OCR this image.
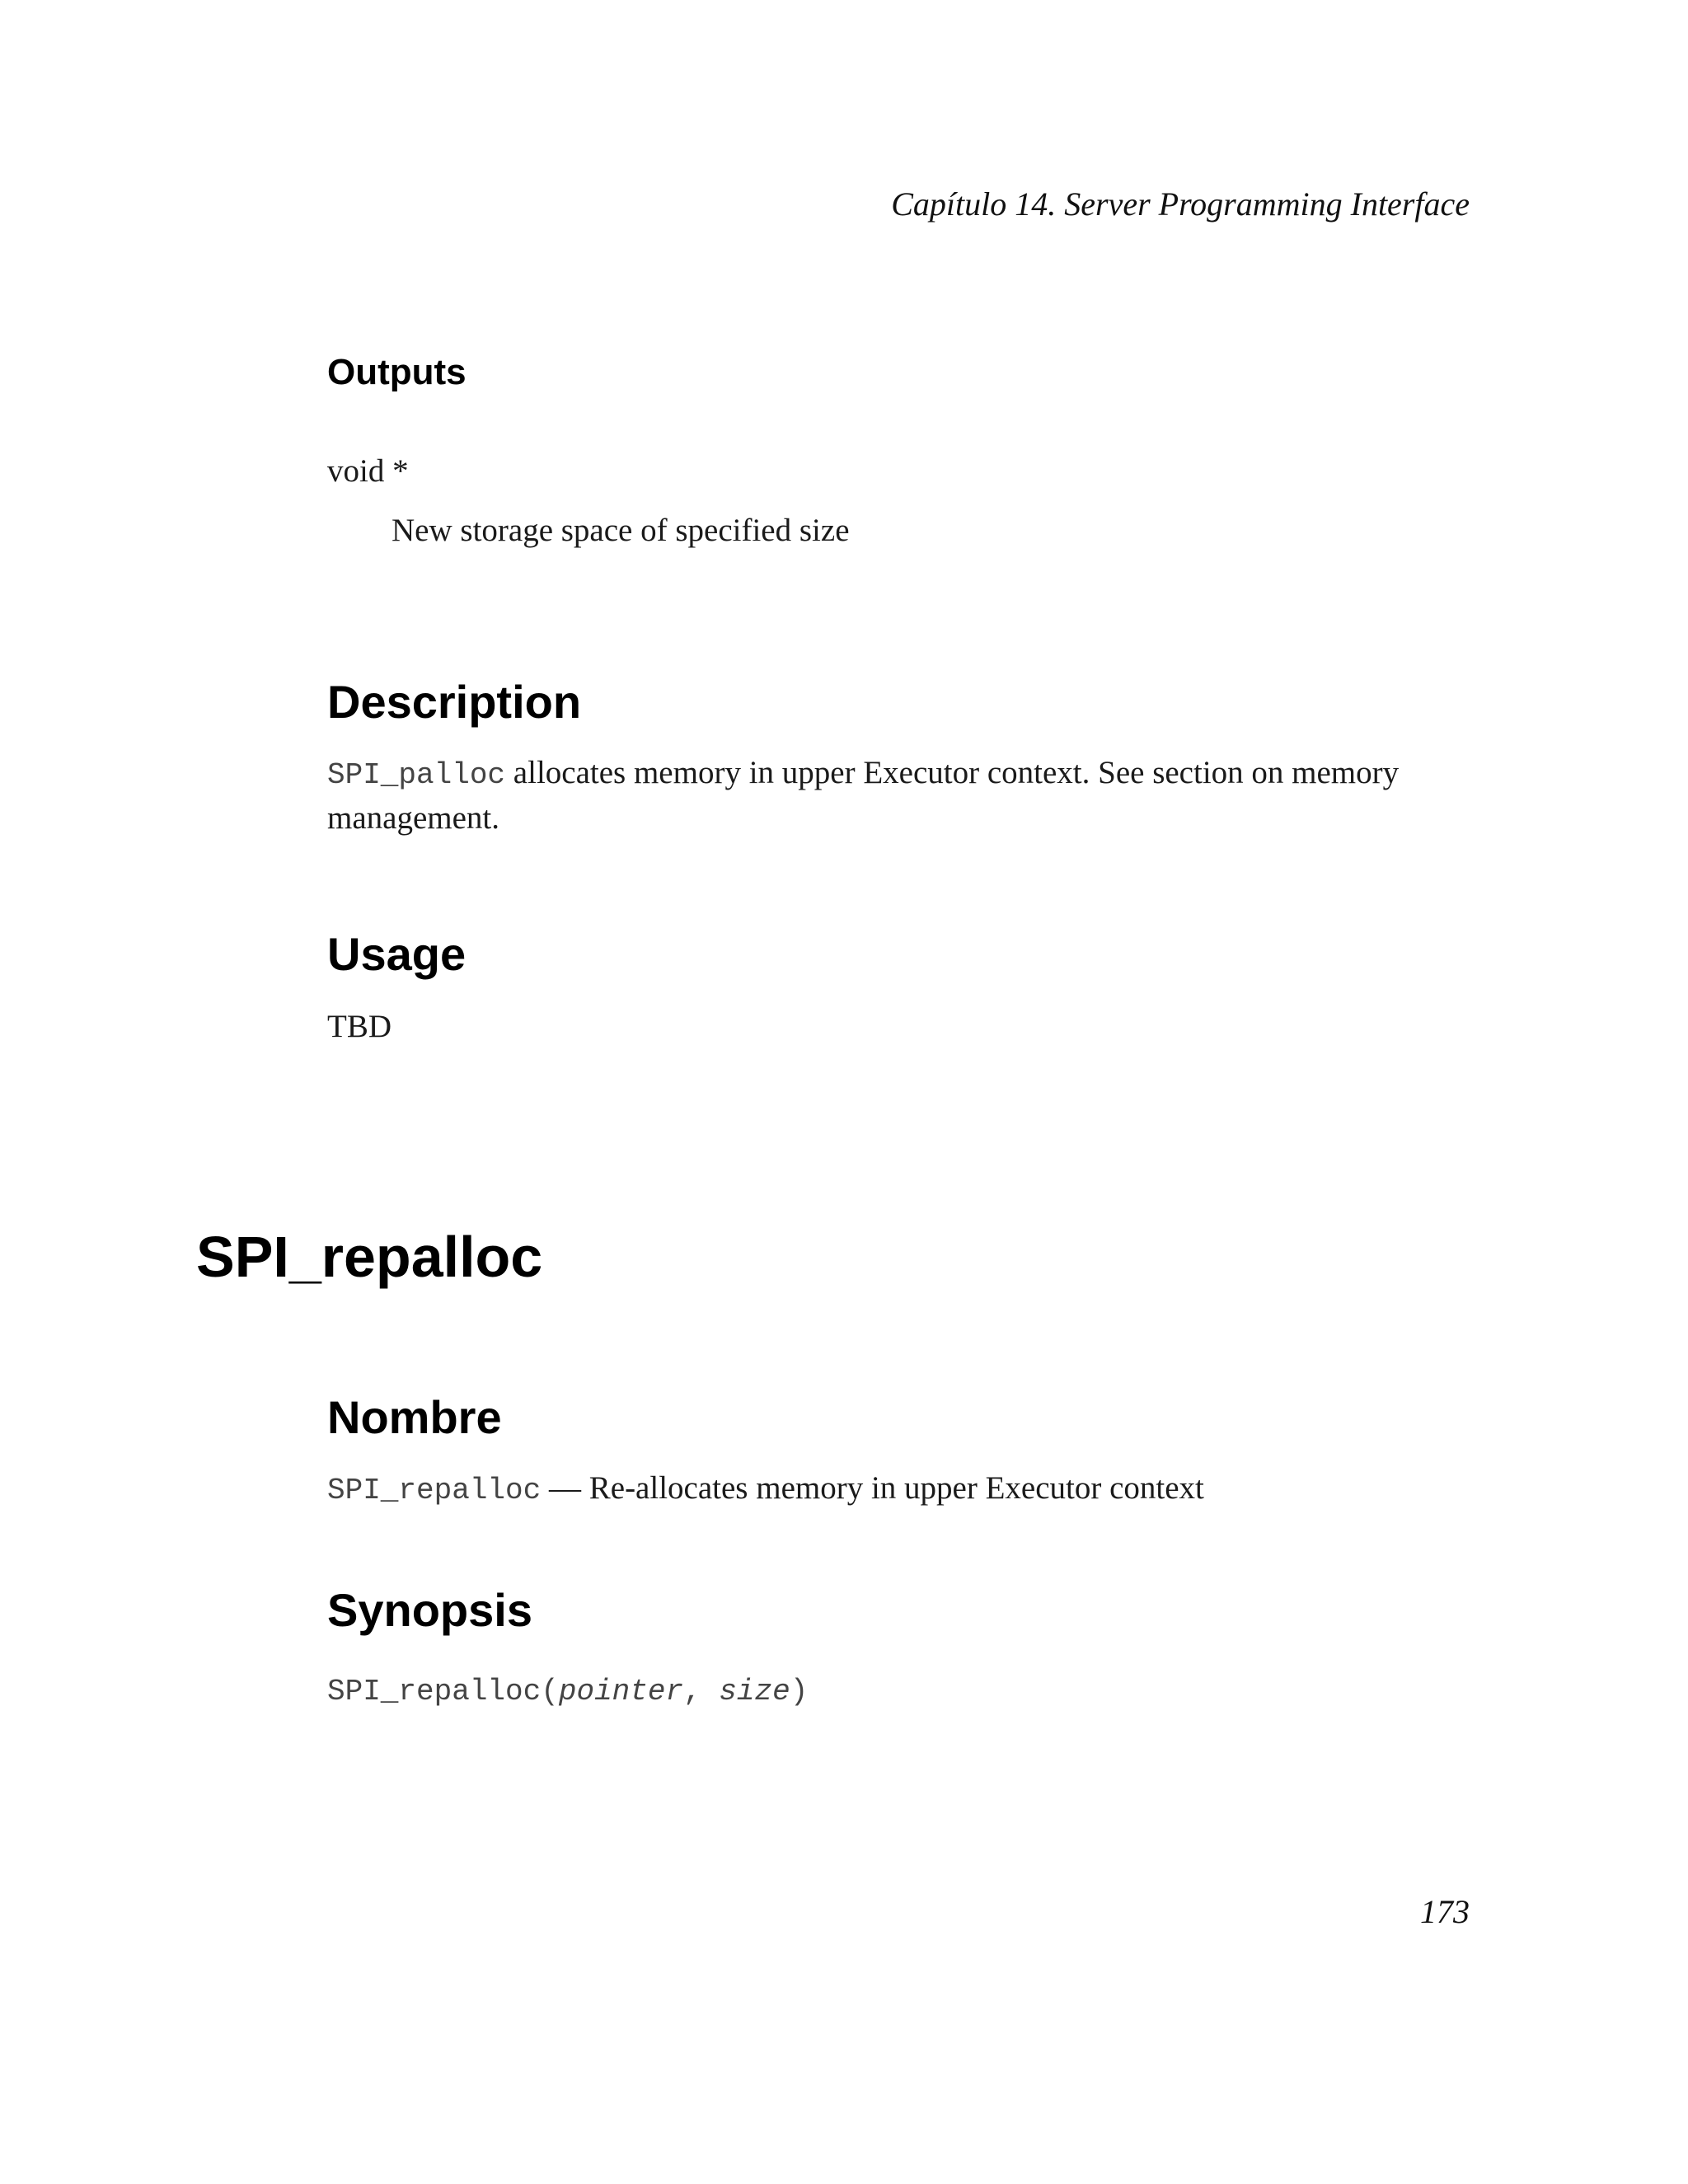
Capítulo 14. Server Programming Interface
Outputs
void *
New storage space of specified size
Description
SPI_palloc allocates memory in upper Executor context. See section on memory management.
Usage
TBD
SPI_repalloc
Nombre
SPI_repalloc — Re-allocates memory in upper Executor context
Synopsis
SPI_repalloc(pointer, size)
173
